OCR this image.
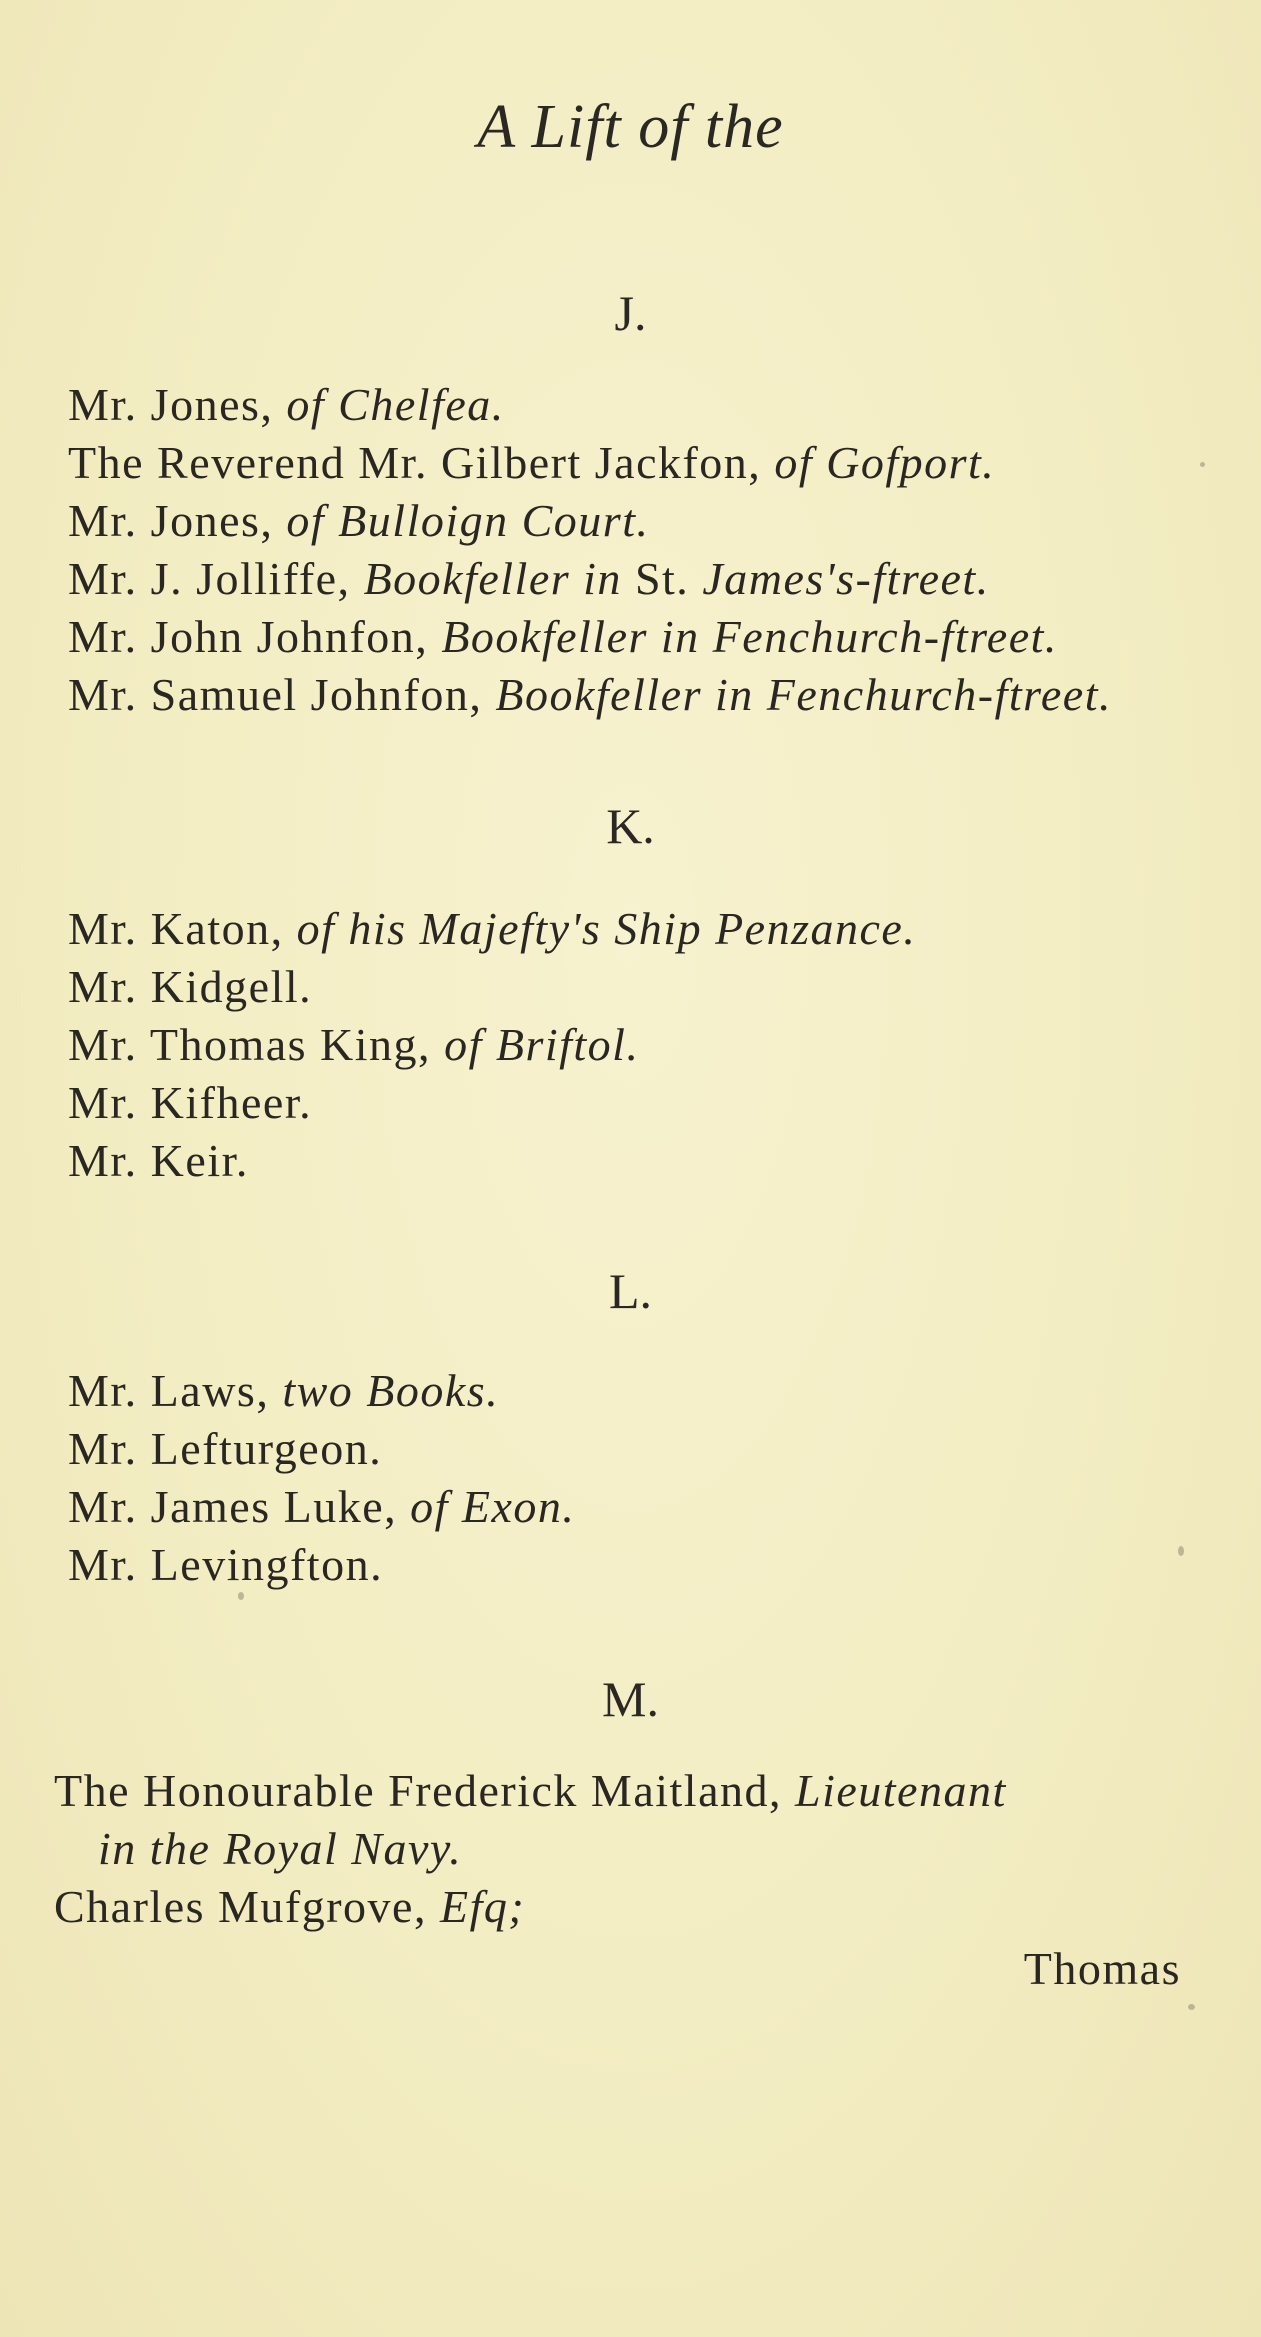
A Lift of the
J.
Mr. Jones, of Chelfea.
The Reverend Mr. Gilbert Jackfon, of Gofport.
Mr. Jones, of Bulloign Court.
Mr. J. Jolliffe, Bookfeller in St. James's-ftreet.
Mr. John Johnfon, Bookfeller in Fenchurch-ftreet.
Mr. Samuel Johnfon, Bookfeller in Fenchurch-ftreet.
K.
Mr. Katon, of his Majefty's Ship Penzance.
Mr. Kidgell.
Mr. Thomas King, of Briftol.
Mr. Kifheer.
Mr. Keir.
L.
Mr. Laws, two Books.
Mr. Lefturgeon.
Mr. James Luke, of Exon.
Mr. Levingfton.
M.
The Honourable Frederick Maitland, Lieutenant
in the Royal Navy.
Charles Mufgrove, Efq;
Thomas
